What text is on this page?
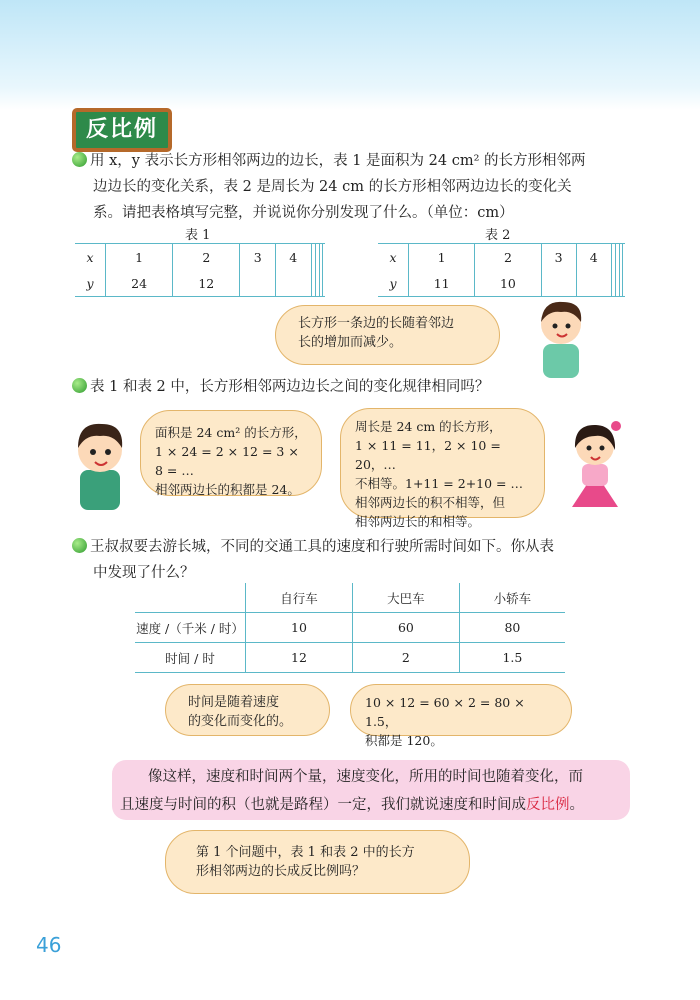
反比例
用 x，y 表示长方形相邻两边的边长，表 1 是面积为 24 cm² 的长方形相邻两
边边长的变化关系，表 2 是周长为 24 cm 的长方形相邻两边边长的变化关
系。请把表格填写完整，并说说你分别发现了什么。（单位：cm）
表 1
x	1	2	3	4				
y	24	12						
表 2
x	1	2	3	4				
y	11	10						
长方形一条边的长随着邻边
长的增加而减少。
表 1 和表 2 中，长方形相邻两边边长之间的变化规律相同吗？
面积是 24 cm² 的长方形，
1 × 24 = 2 × 12 = 3 × 8 = …
相邻两边长的积都是 24。
周长是 24 cm 的长方形，
1 × 11 = 11，2 × 10 = 20，…
不相等。1+11 = 2+10 = …
相邻两边长的积不相等，但
相邻两边长的和相等。
王叔叔要去游长城，不同的交通工具的速度和行驶所需时间如下。你从表
中发现了什么？
	自行车	大巴车	小轿车
速度 /（千米 / 时）	10	60	80
时间 / 时	12	2	1.5
时间是随着速度
的变化而变化的。
10 × 12 = 60 × 2 = 80 × 1.5，
积都是 120。
像这样，速度和时间两个量，速度变化，所用的时间也随着变化，而
且速度与时间的积（也就是路程）一定，我们就说速度和时间成反比例。
第 1 个问题中，表 1 和表 2 中的长方
形相邻两边的长成反比例吗？
46
